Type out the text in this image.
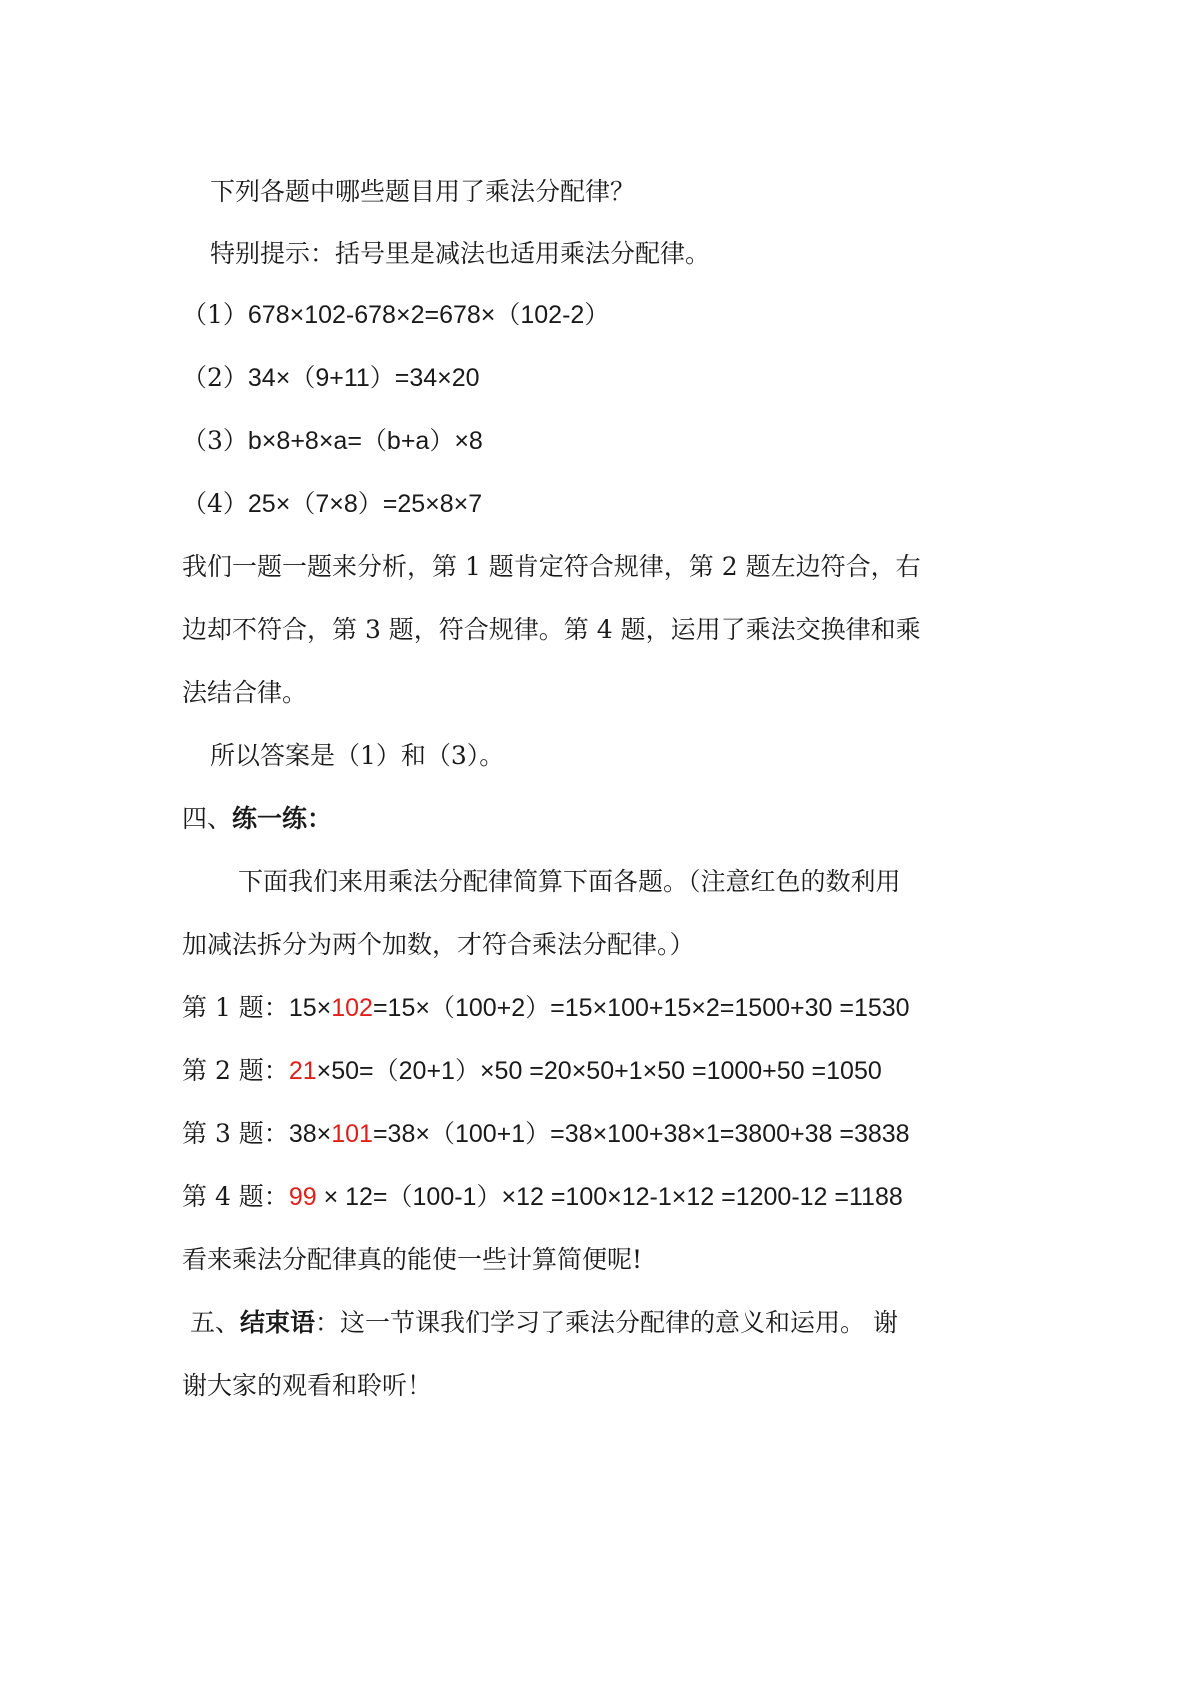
下列各题中哪些题目用了乘法分配律？
特别提示：括号里是减法也适用乘法分配律。
（1）678×102-678×2=678×（102-2）
（2）34×（9+11）=34×20
（3）b×8+8×a=（b+a）×8
（4）25×（7×8）=25×8×7
我们一题一题来分析，第 1 题肯定符合规律，第 2 题左边符合，右
边却不符合，第 3 题，符合规律。第 4 题，运用了乘法交换律和乘
法结合律。
所以答案是（1）和（3）。
四、练一练：
下面我们来用乘法分配律简算下面各题。（注意红色的数利用
加减法拆分为两个加数，才符合乘法分配律。）
第 1 题：15×102=15×（100+2）=15×100+15×2=1500+30 =1530
第 2 题：21×50=（20+1）×50 =20×50+1×50 =1000+50 =1050
第 3 题：38×101=38×（100+1）=38×100+38×1=3800+38 =3838
第 4 题：99 × 12=（100-1）×12 =100×12-1×12 =1200-12 =1188
看来乘法分配律真的能使一些计算简便呢!
五、结束语：这一节课我们学习了乘法分配律的意义和运用。 谢
谢大家的观看和聆听！
